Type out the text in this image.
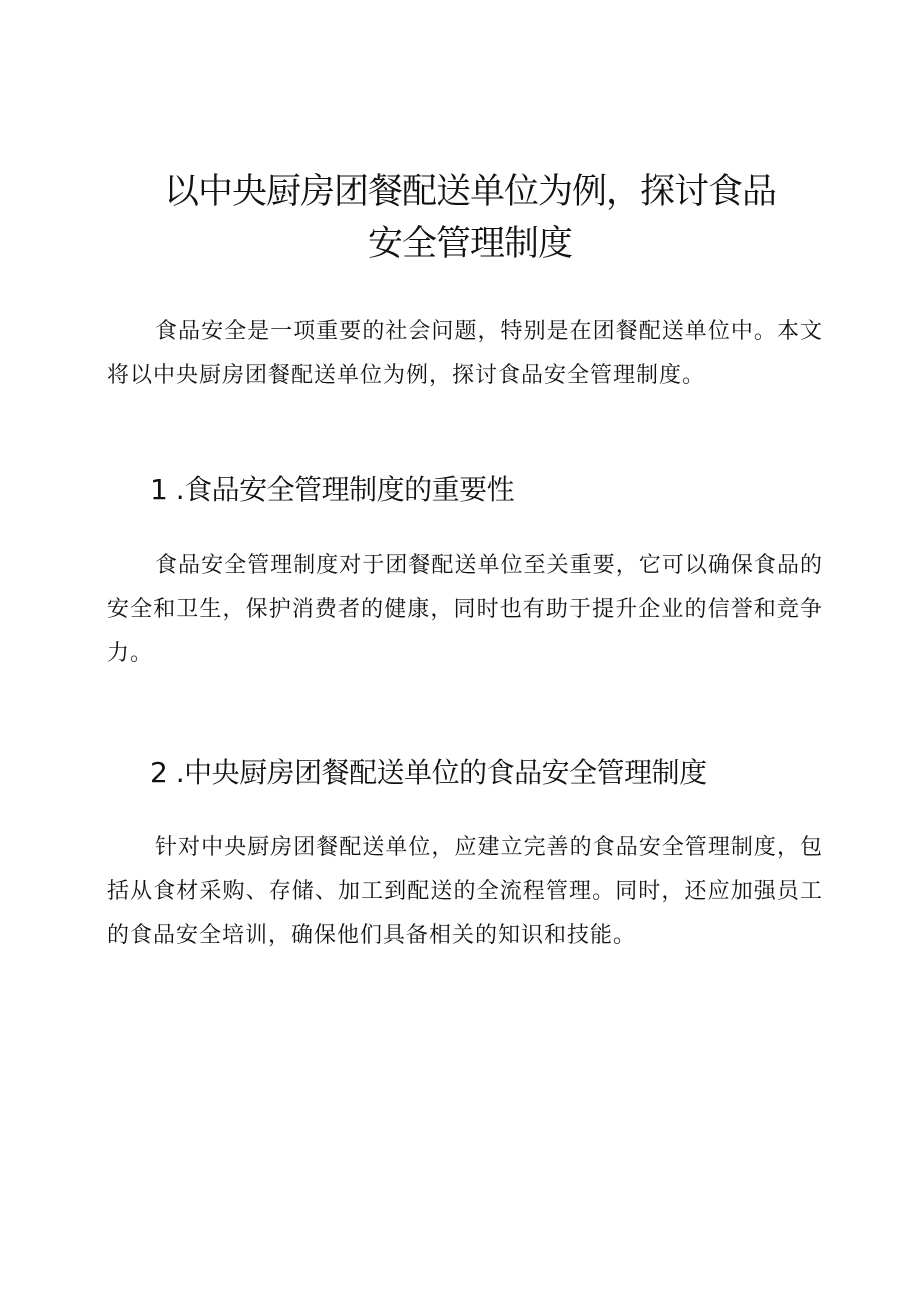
以中央厨房团餐配送单位为例，探讨食品
安全管理制度

食品安全是一项重要的社会问题，特别是在团餐配送单位中。本文将以中央厨房团餐配送单位为例，探讨食品安全管理制度。

1 .食品安全管理制度的重要性

食品安全管理制度对于团餐配送单位至关重要，它可以确保食品的安全和卫生，保护消费者的健康，同时也有助于提升企业的信誉和竞争力。

2 .中央厨房团餐配送单位的食品安全管理制度

针对中央厨房团餐配送单位，应建立完善的食品安全管理制度，包括从食材采购、存储、加工到配送的全流程管理。同时，还应加强员工的食品安全培训，确保他们具备相关的知识和技能。
